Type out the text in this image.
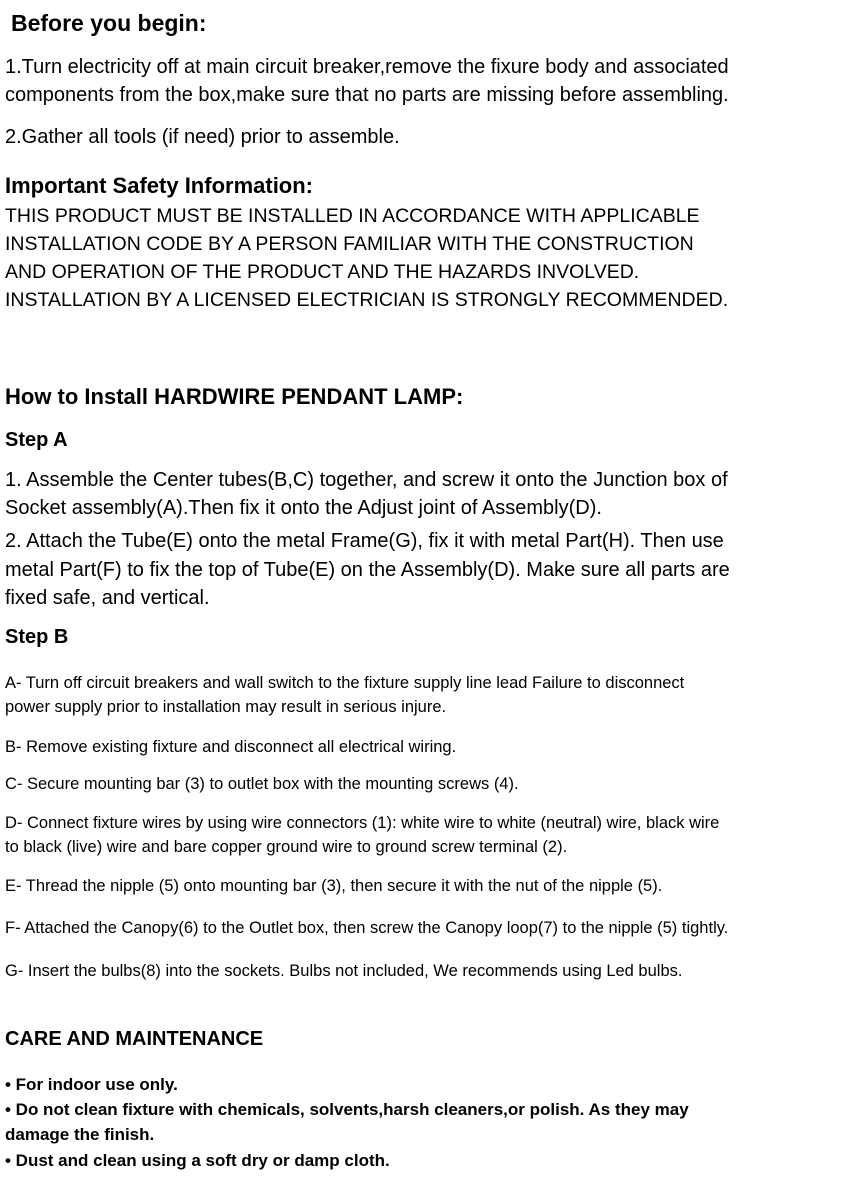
Before you begin:
1.Turn electricity off at main circuit breaker,remove the fixure body and associated
components from the box,make sure that no parts are missing before assembling.
2.Gather all tools (if need) prior to assemble.
Important Safety Information:
THIS PRODUCT MUST BE INSTALLED IN ACCORDANCE WITH APPLICABLE
INSTALLATION CODE BY A PERSON FAMILIAR WITH THE CONSTRUCTION
AND OPERATION OF THE PRODUCT AND THE HAZARDS INVOLVED.
INSTALLATION BY A LICENSED ELECTRICIAN IS STRONGLY RECOMMENDED.
How to Install HARDWIRE PENDANT LAMP:
Step A
1. Assemble the Center tubes(B,C) together, and screw it onto the Junction box of
Socket assembly(A).Then fix it onto the Adjust joint of Assembly(D).
2. Attach the Tube(E) onto the metal Frame(G), fix it with metal Part(H). Then use
metal Part(F) to fix the top of Tube(E) on the Assembly(D). Make sure all parts are
fixed safe, and vertical.
Step B
A- Turn off circuit breakers and wall switch to the fixture supply line lead Failure to disconnect
power supply prior to installation may result in serious injure.
B- Remove existing fixture and disconnect all electrical wiring.
C- Secure mounting bar (3) to outlet box with the mounting screws (4).
D- Connect fixture wires by using wire connectors (1): white wire to white (neutral) wire, black wire
to black (live) wire and bare copper ground wire to ground screw terminal (2).
E- Thread the nipple (5) onto mounting bar (3), then secure it with the nut of the nipple (5).
F- Attached the Canopy(6) to the Outlet box, then screw the Canopy loop(7) to the nipple (5) tightly.
G- Insert the bulbs(8) into the sockets. Bulbs not included, We recommends using Led bulbs.
CARE AND MAINTENANCE
• For indoor use only.
• Do not clean fixture with chemicals, solvents,harsh cleaners,or polish. As they may
damage the finish.
• Dust and clean using a soft dry or damp cloth.
